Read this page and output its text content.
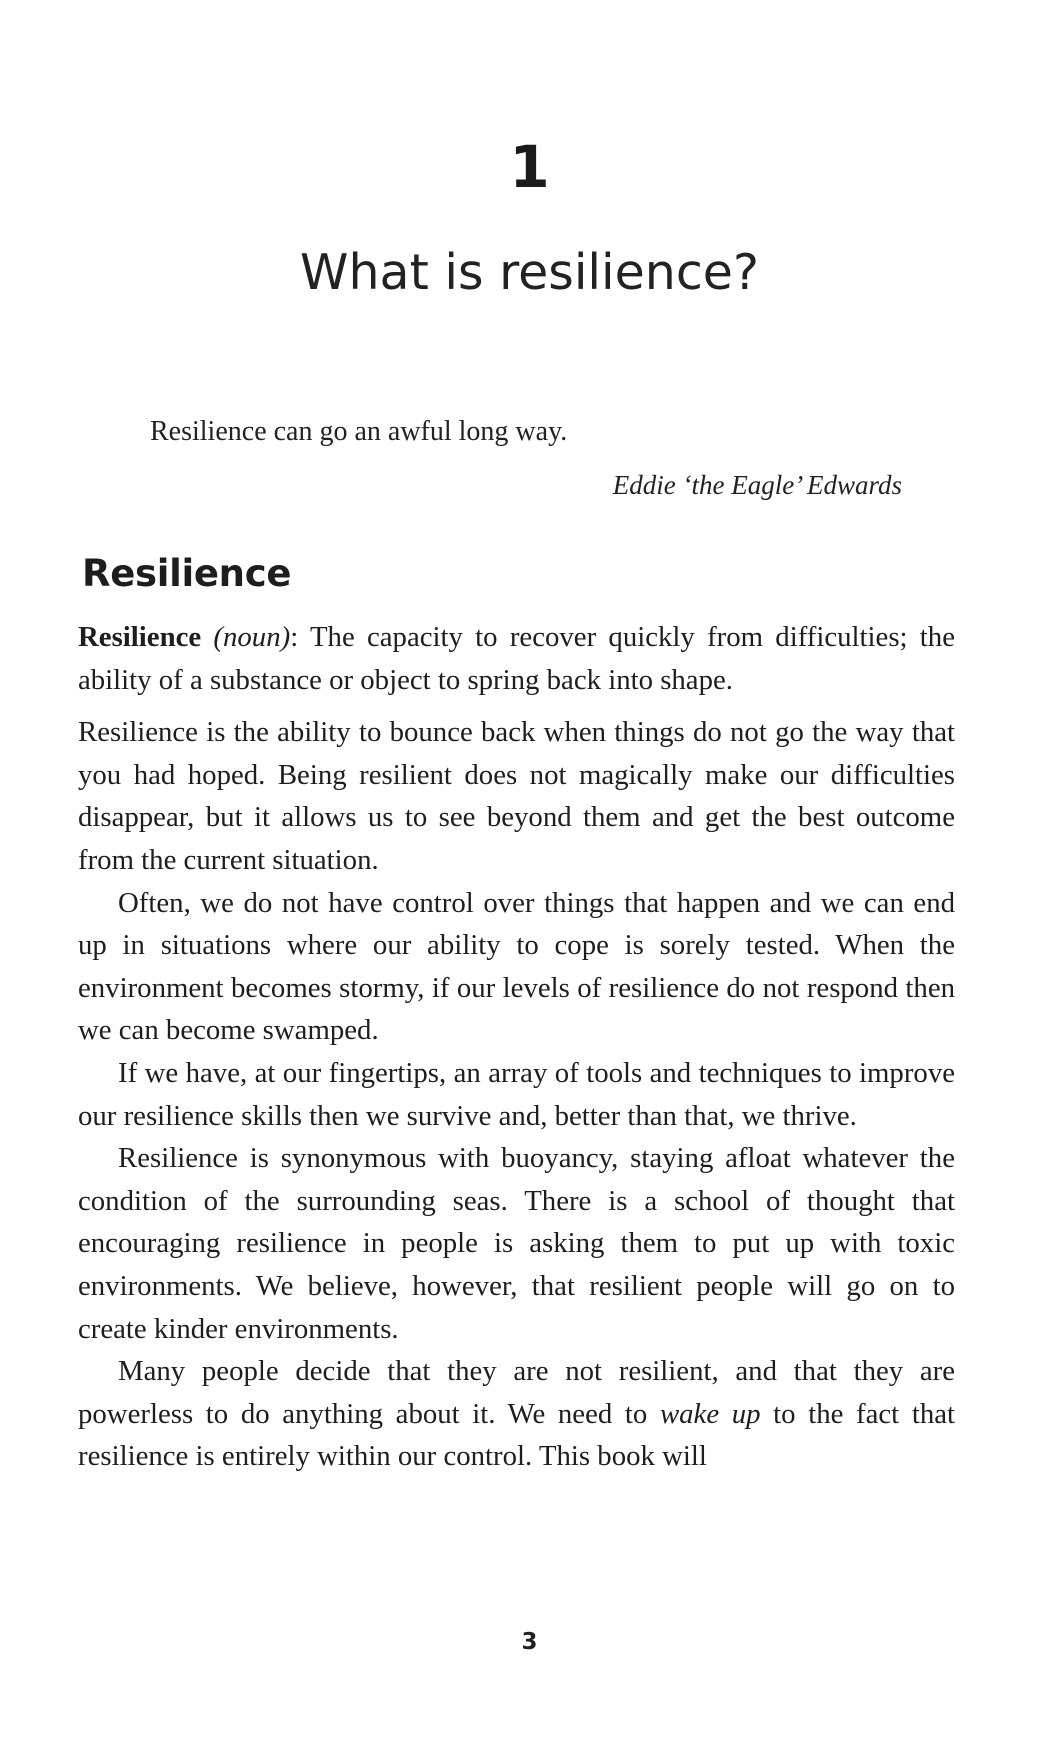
1
What is resilience?
Resilience can go an awful long way.
Eddie ‘the Eagle’ Edwards
Resilience

Resilience (noun): The capacity to recover quickly from difficulties; the ability of a substance or object to spring back into shape.

Resilience is the ability to bounce back when things do not go the way that you had hoped. Being resilient does not magically make our difficulties disappear, but it allows us to see beyond them and get the best outcome from the current situation.

Often, we do not have control over things that happen and we can end up in situations where our ability to cope is sorely tested. When the environment becomes stormy, if our levels of resilience do not respond then we can become swamped.

If we have, at our fingertips, an array of tools and techniques to improve our resilience skills then we survive and, better than that, we thrive.

Resilience is synonymous with buoyancy, staying afloat whatever the condition of the surrounding seas. There is a school of thought that encouraging resilience in people is asking them to put up with toxic environments. We believe, however, that resilient people will go on to create kinder environments.

Many people decide that they are not resilient, and that they are powerless to do anything about it. We need to wake up to the fact that resilience is entirely within our control. This book will

3
